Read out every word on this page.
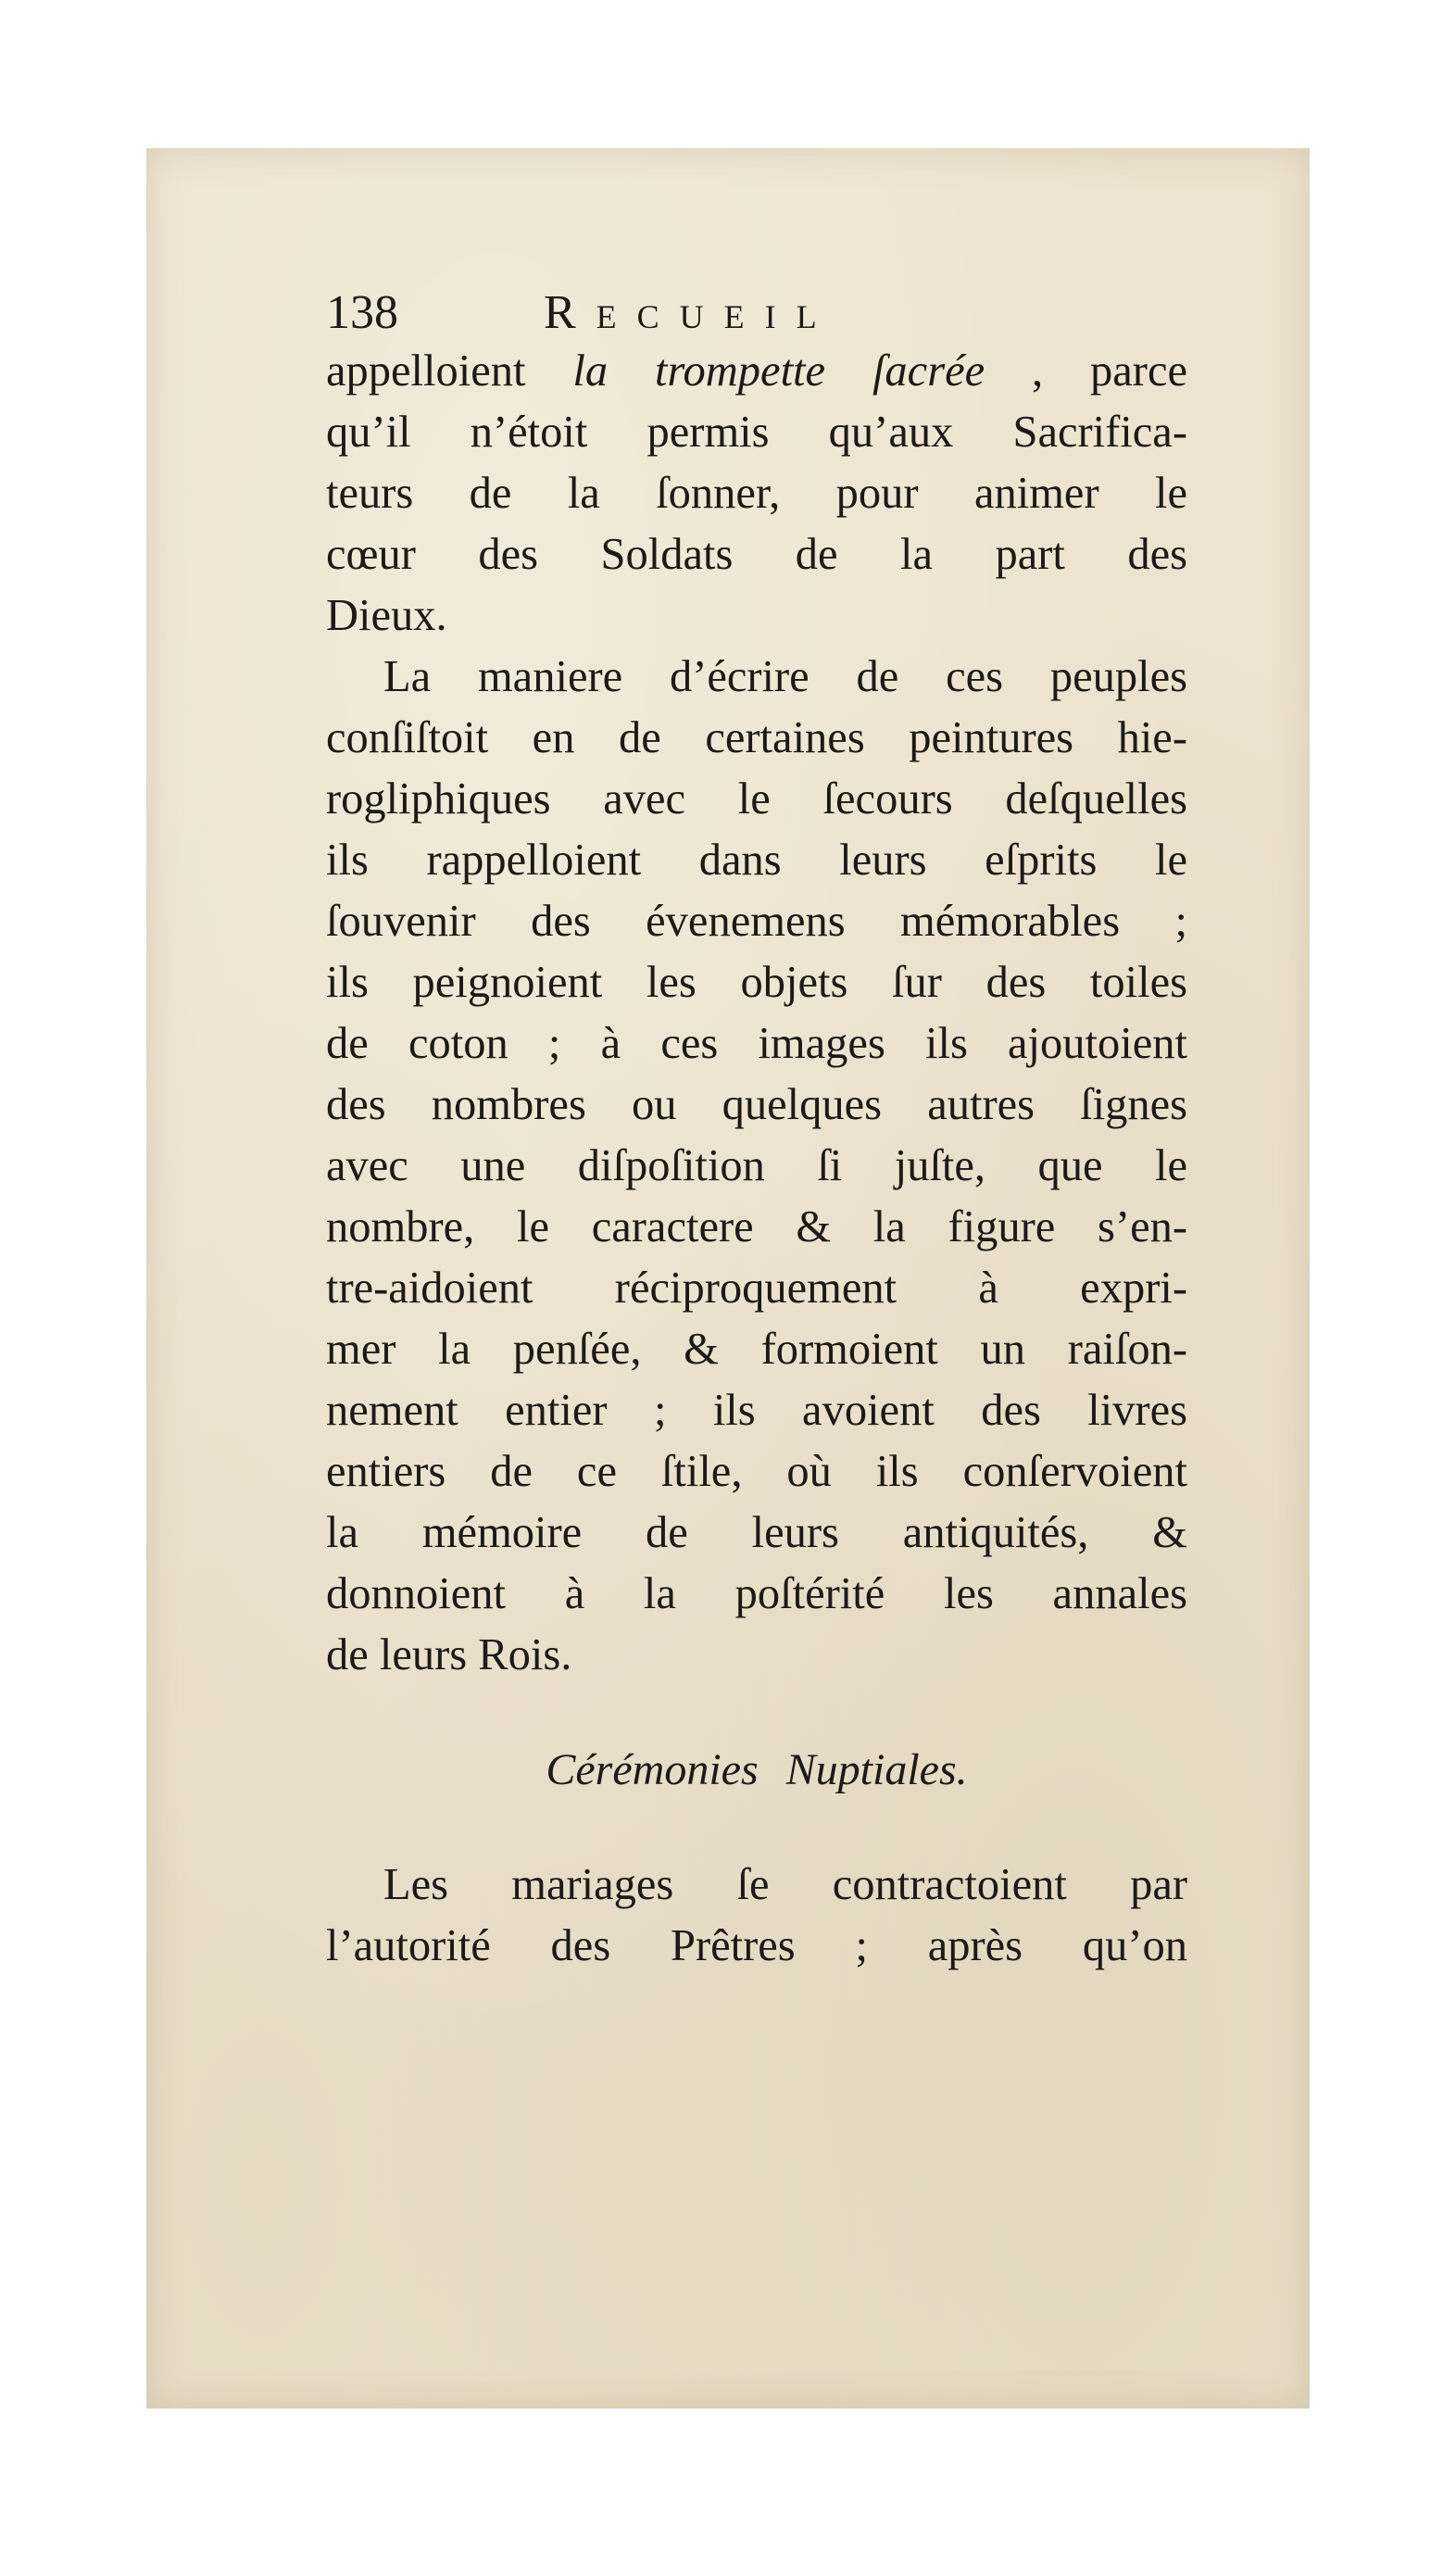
138	Recueil
appelloient la trompette ſacrée , parce
qu’il n’étoit permis qu’aux Sacrifica-
teurs de la ſonner, pour animer le
cœur des Soldats de la part des
Dieux.
La maniere d’écrire de ces peuples
conſiſtoit en de certaines peintures hie-
rogliphiques avec le ſecours deſquelles
ils rappelloient dans leurs eſprits le
ſouvenir des évenemens mémorables ;
ils peignoient les objets ſur des toiles
de coton ; à ces images ils ajoutoient
des nombres ou quelques autres ſignes
avec une diſpoſition ſi juſte, que le
nombre, le caractere & la figure s’en-
tre-aidoient réciproquement à expri-
mer la penſée, & formoient un raiſon-
nement entier ; ils avoient des livres
entiers de ce ſtile, où ils conſervoient
la mémoire de leurs antiquités, &
donnoient à la poſtérité les annales
de leurs Rois.
Cérémonies Nuptiales.
Les mariages ſe contractoient par
l’autorité des Prêtres ; après qu’on
